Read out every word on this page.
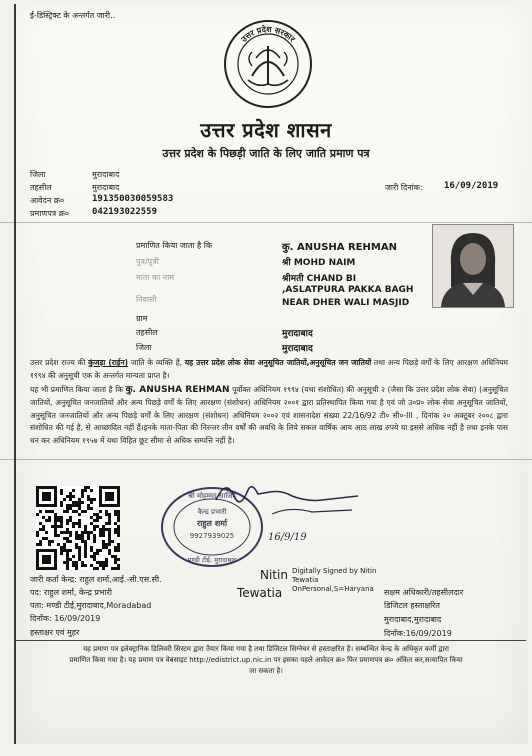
ई-डिस्ट्रिक्ट के अन्तर्गत जारी..
उत्तर प्रदेश सरकार
उत्तर प्रदेश शासन
उत्तर प्रदेश के पिछड़ी जाति के लिए जाति प्रमाण पत्र
जिला	मुरादाबाद
तहसील	मुरादाबाद
आवेदन क्र०	191350030059583
प्रमाणपत्र क्र०	042193022559
जारी दिनांक: 16/09/2019
प्रमाणित किया जाता है कि	कु. ANUSHA REHMAN
पुत्र/पुत्री	श्री MOHD NAIM
माता का नाम	श्रीमती CHAND BI
निवासी
,ASLATPURA PAKKA BAGH
NEAR DHER WALI MASJID
ग्राम
तहसील	मुरादाबाद
जिला	मुरादाबाद
उत्तर प्रदेश राज्य की कुंजड़ा (राईन) जाति के व्यक्ति हैं, यह उत्तर प्रदेश लोक सेवा अनुसूचित जातियों,अनुसूचित जन जातियों तथा अन्य पिछड़े वर्गों के लिए आरक्षण अधिनियम १९९४ की अनुसूची एक के अन्तर्गत मान्यता प्राप्त है।
यह भी प्रमाणित किया जाता है कि कु. ANUSHA REHMAN पूर्वोक्त अधिनियम १९९४ (यथा संशोधित) की अनुसूची २ (जैसा कि उत्तर प्रदेश लोक सेवा) (अनुसूचित जातियों, अनुसूचित जनजातियों और अन्य पिछड़े वर्गों के लिए आरक्षण (संशोधन) अधिनियम २००१ द्वारा प्रतिस्थापित किया गया है एवं जो उ०प्र० लोक सेवा अनुसूचित जातियों, अनुसूचित जनजातियों और अन्य पिछड़े वर्गों के लिए आरक्षण (संशोधन) अधिनियम २००२ एवं शासनादेश संख्या 22/16/92 टी० सी०-III , दिनांक २० अक्टूबर २००८ द्वारा संशोधित की गई है, से आच्छादित नहीं हैं।इनके माता-पिता की निरन्तर तीन वर्षों की अवधि के लिये सकल वार्षिक आय आठ लाख रुपये या इससे अधिक नहीं है तथा इनके पास धन कर अधिनियम १९५७ में यथा विहित छूट सीमा से अधिक सम्पत्ति नहीं है।
श्री मोहम्मद साजिद
कैन्द्र प्रभारी
राहुल शर्मा
9927939025
मण्डी टीई, मुरादाबाद
16/9/19
जारी कर्ता केन्द्र: राहुल शर्मा,आई.-सी.एस.सी.
पद: राहुल शर्मा, केन्द्र प्रभारी
पता: मण्डी टीई,मुरादाबाद,Moradabad
दिनाँक: 16/09/2019
हस्ताक्षर एवं मुहर
Nitin
Tewatia
Digitally Signed by Nitin
Tewatia
OnPersonal,S=Haryana सक्षम अधिकारी/तहसीलदार
डिजिटल हस्ताक्षरित
मुरादाबाद,मुरादाबाद
दिनाँक:16/09/2019
यह प्रमाण पत्र इलेक्ट्रानिक डिलिवरी सिस्टम द्वारा तैयार किया गया है तथा डिजिटल सिग्नेचर से हस्ताक्षरित है। सम्बन्धित केन्द्र के अधिकृत कर्मी द्वारा
प्रमाणित किया गया है। यह प्रमाण पत्र वेबसाइट http://edistrict.up.nic.in पर इसका पहले आवेदन क्र० फिर प्रमाणपत्र क्र० अंकित कर,सत्यापित किया
जा सकता है।
